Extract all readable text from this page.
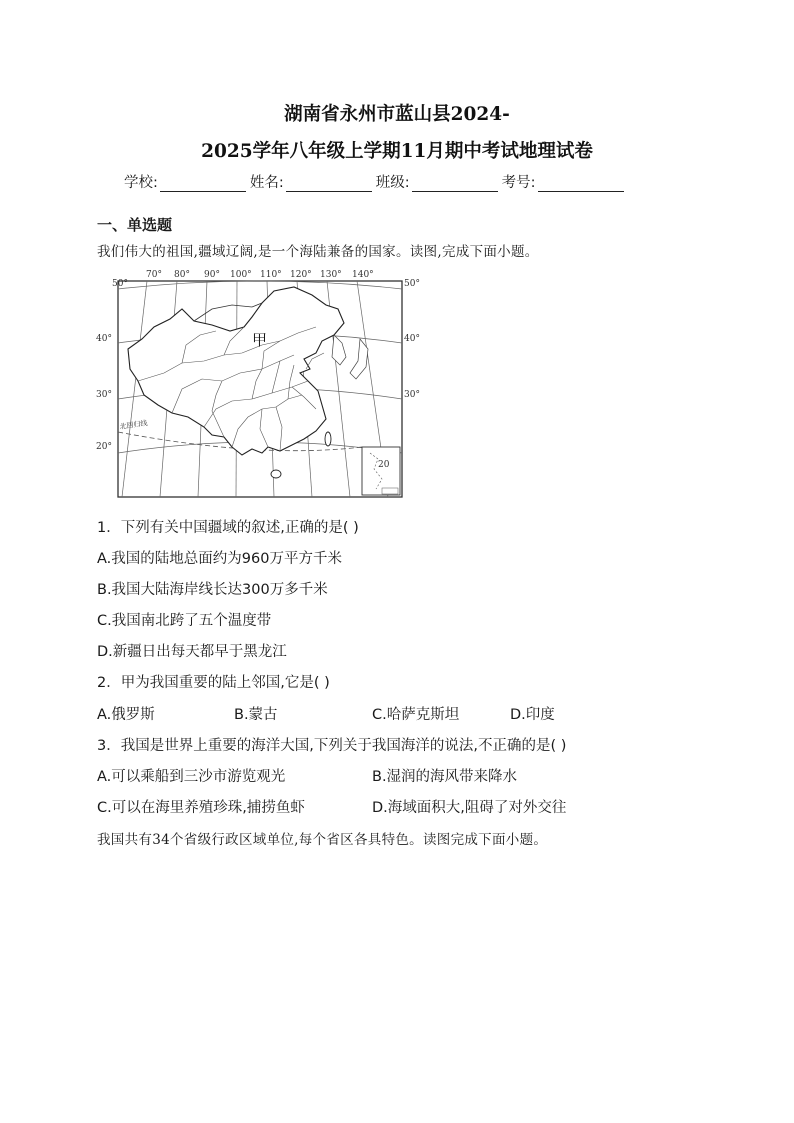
湖南省永州市蓝山县2024-
2025学年八年级上学期11月期中考试地理试卷
学校:	姓名:	班级:	考号:
一、单选题
我们伟大的祖国,疆域辽阔,是一个海陆兼备的国家。读图,完成下面小题。
70° 80° 90° 100° 110° 120° 130° 140°
50°
40°
30°
20°
50°
40°
30°
20
甲
北回归线
1．下列有关中国疆域的叙述,正确的是( )
A.我国的陆地总面约为960万平方千米
B.我国大陆海岸线长达300万多千米
C.我国南北跨了五个温度带
D.新疆日出每天都早于黑龙江
2．甲为我国重要的陆上邻国,它是( )
A.俄罗斯	B.蒙古	C.哈萨克斯坦	D.印度
3．我国是世界上重要的海洋大国,下列关于我国海洋的说法,不正确的是( )
A.可以乘船到三沙市游览观光	B.湿润的海风带来降水
C.可以在海里养殖珍珠,捕捞鱼虾	D.海域面积大,阻碍了对外交往
我国共有34个省级行政区域单位,每个省区各具特色。读图完成下面小题。
